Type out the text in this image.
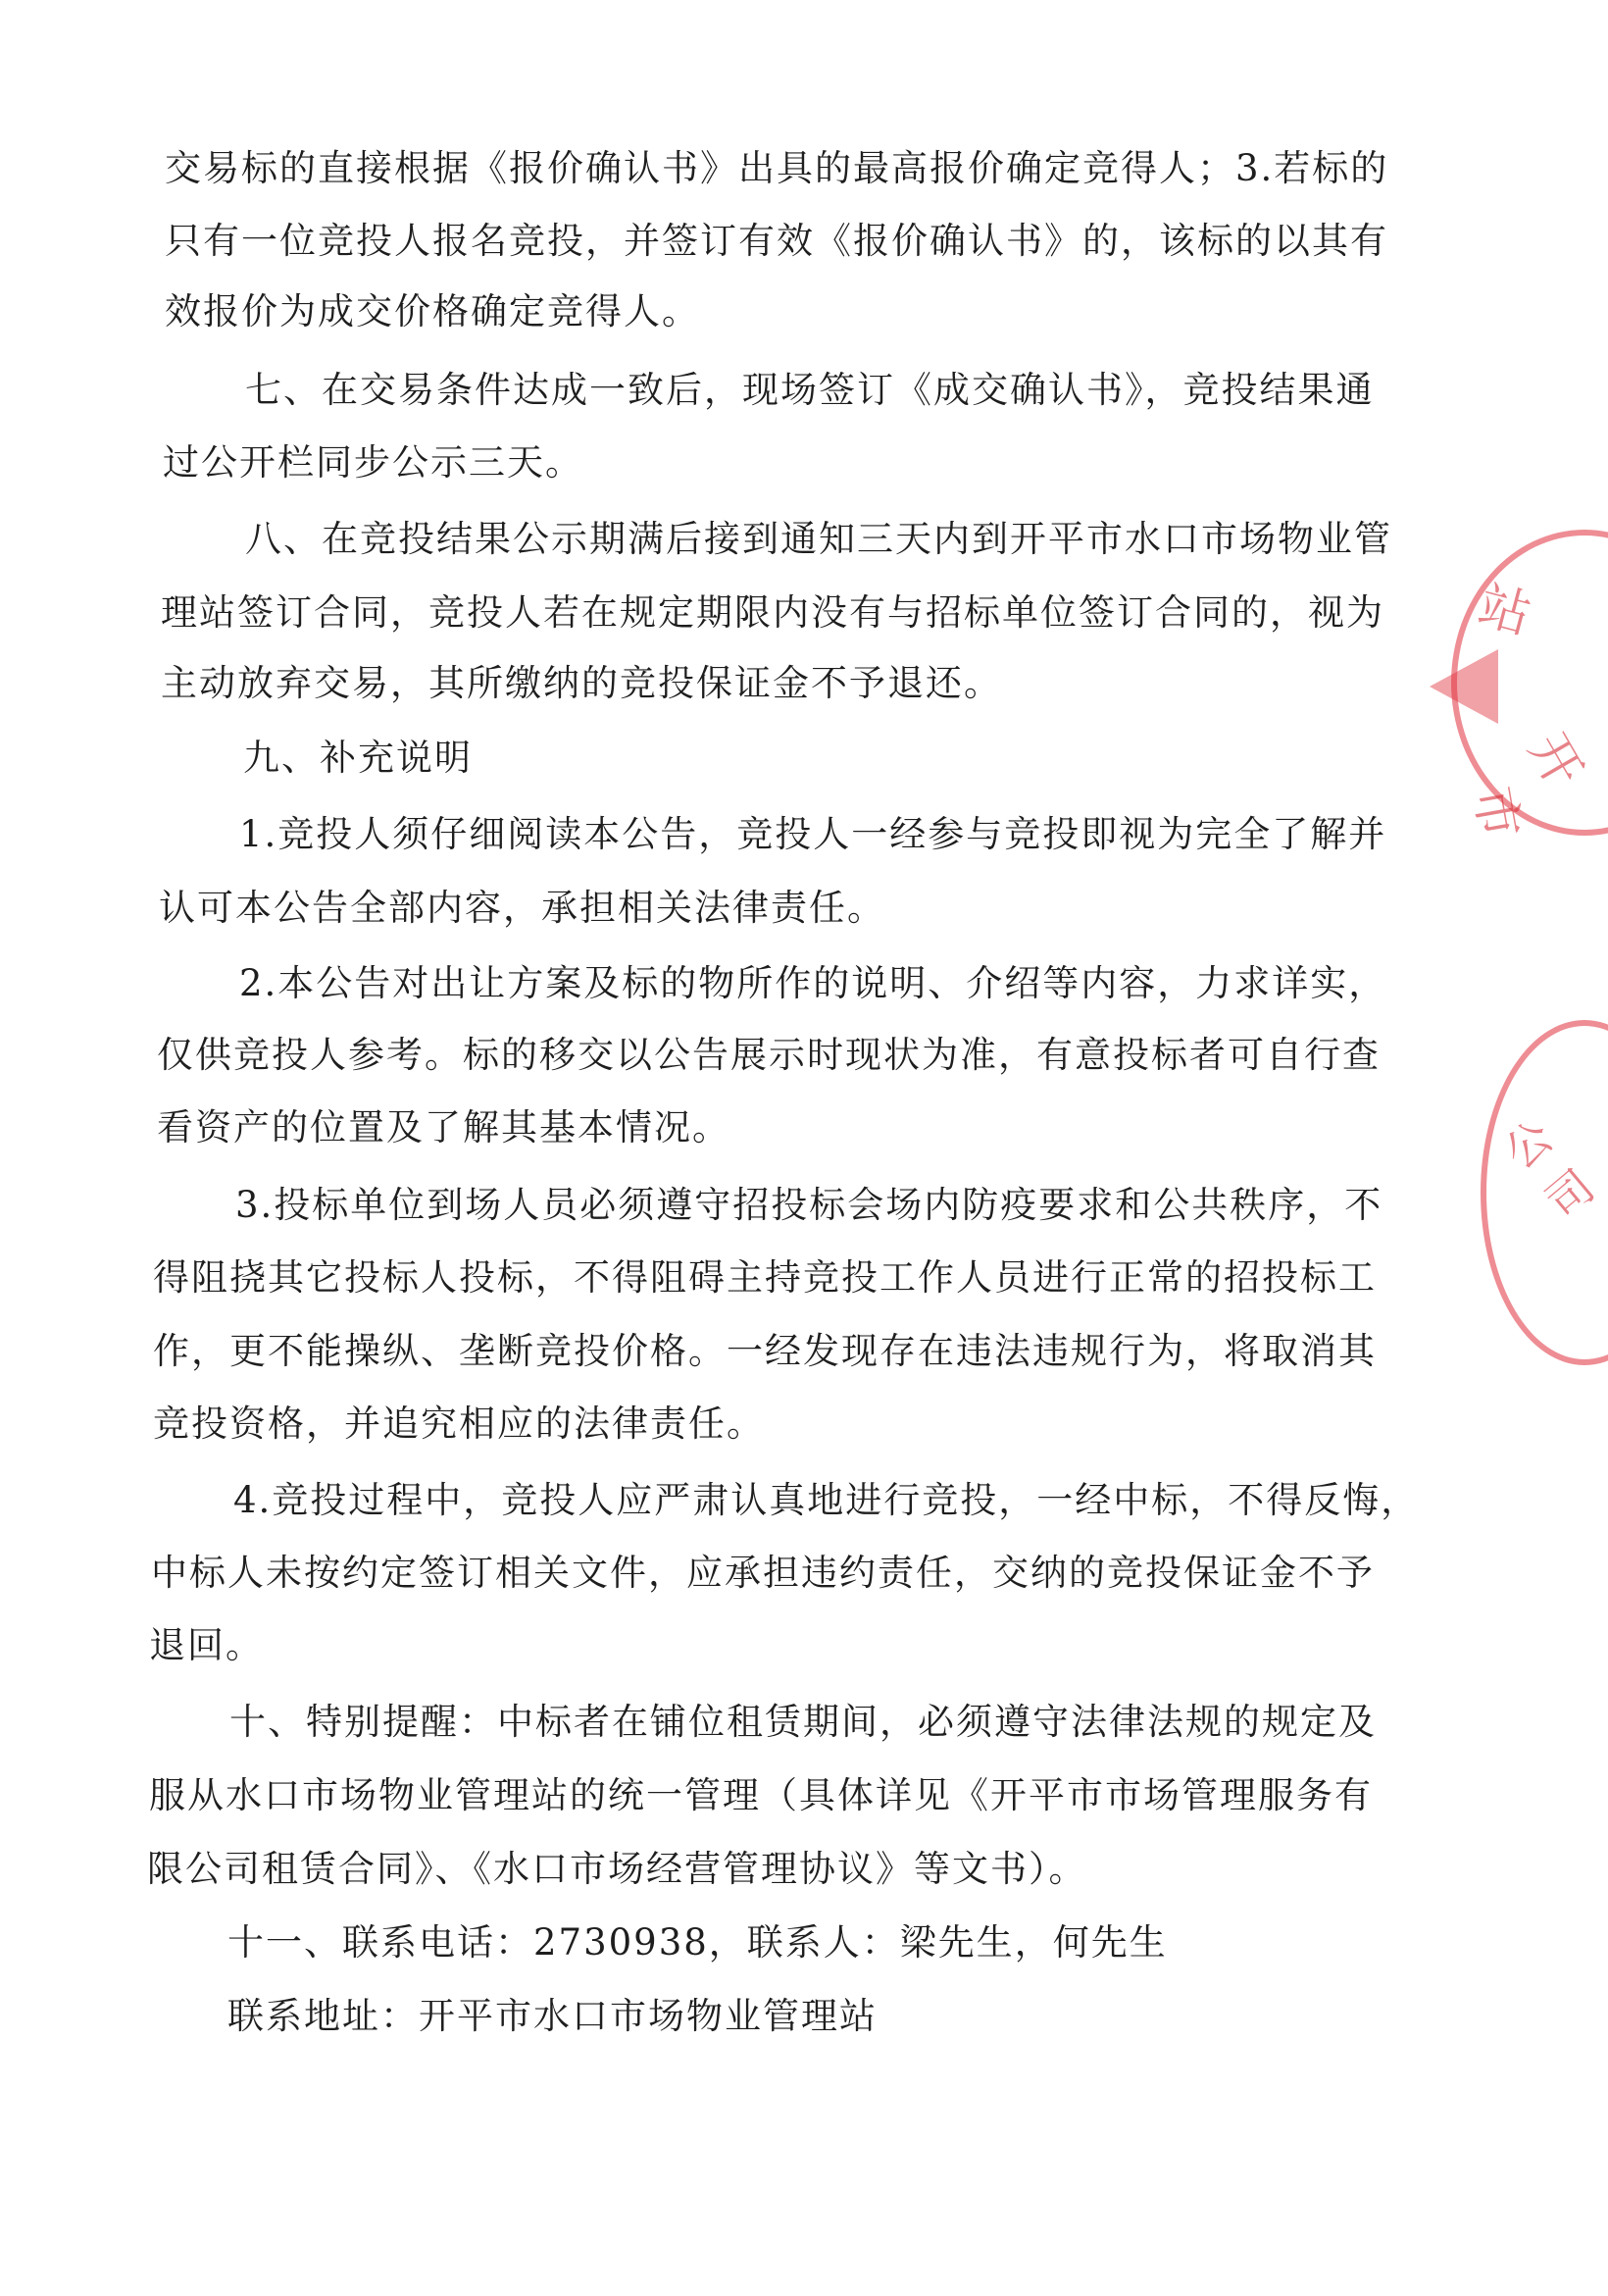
站
开
市
公司
交易标的直接根据《报价确认书》出具的最高报价确定竞得人；3.若标的
只有一位竞投人报名竞投，并签订有效《报价确认书》的，该标的以其有
效报价为成交价格确定竞得人。
七、在交易条件达成一致后，现场签订《成交确认书》，竞投结果通
过公开栏同步公示三天。
八、在竞投结果公示期满后接到通知三天内到开平市水口市场物业管
理站签订合同，竞投人若在规定期限内没有与招标单位签订合同的，视为
主动放弃交易，其所缴纳的竞投保证金不予退还。
九、补充说明
1.竞投人须仔细阅读本公告，竞投人一经参与竞投即视为完全了解并
认可本公告全部内容，承担相关法律责任。
2.本公告对出让方案及标的物所作的说明、介绍等内容，力求详实，
仅供竞投人参考。标的移交以公告展示时现状为准，有意投标者可自行查
看资产的位置及了解其基本情况。
3.投标单位到场人员必须遵守招投标会场内防疫要求和公共秩序，不
得阻挠其它投标人投标，不得阻碍主持竞投工作人员进行正常的招投标工
作，更不能操纵、垄断竞投价格。一经发现存在违法违规行为，将取消其
竞投资格，并追究相应的法律责任。
4.竞投过程中，竞投人应严肃认真地进行竞投，一经中标，不得反悔，
中标人未按约定签订相关文件，应承担违约责任，交纳的竞投保证金不予
退回。
十、特别提醒：中标者在铺位租赁期间，必须遵守法律法规的规定及
服从水口市场物业管理站的统一管理（具体详见《开平市市场管理服务有
限公司租赁合同》、《水口市场经营管理协议》等文书）。
十一、联系电话：2730938，联系人：梁先生，何先生
联系地址：开平市水口市场物业管理站
